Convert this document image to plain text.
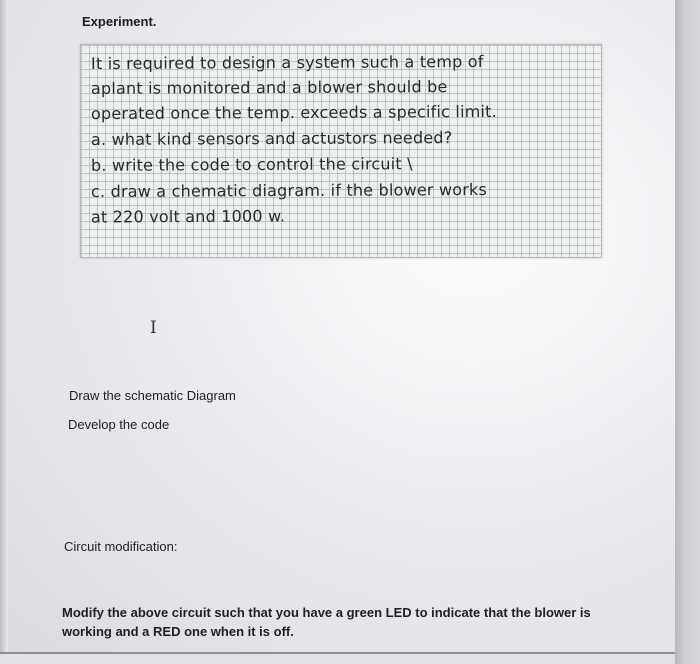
Experiment.
It is required to design a system such a temp of
aplant is monitored and a blower should be
operated once the temp. exceeds a specific limit.
a. what kind sensors and actustors needed?
b. write the code to control the circuit \
c. draw a chematic diagram. if the blower works
at 220 volt and 1000 w.
I
Draw the schematic Diagram
Develop the code
Circuit modification:
Modify the above circuit such that you have a green LED to indicate that the blower is working and a RED one when it is off.
